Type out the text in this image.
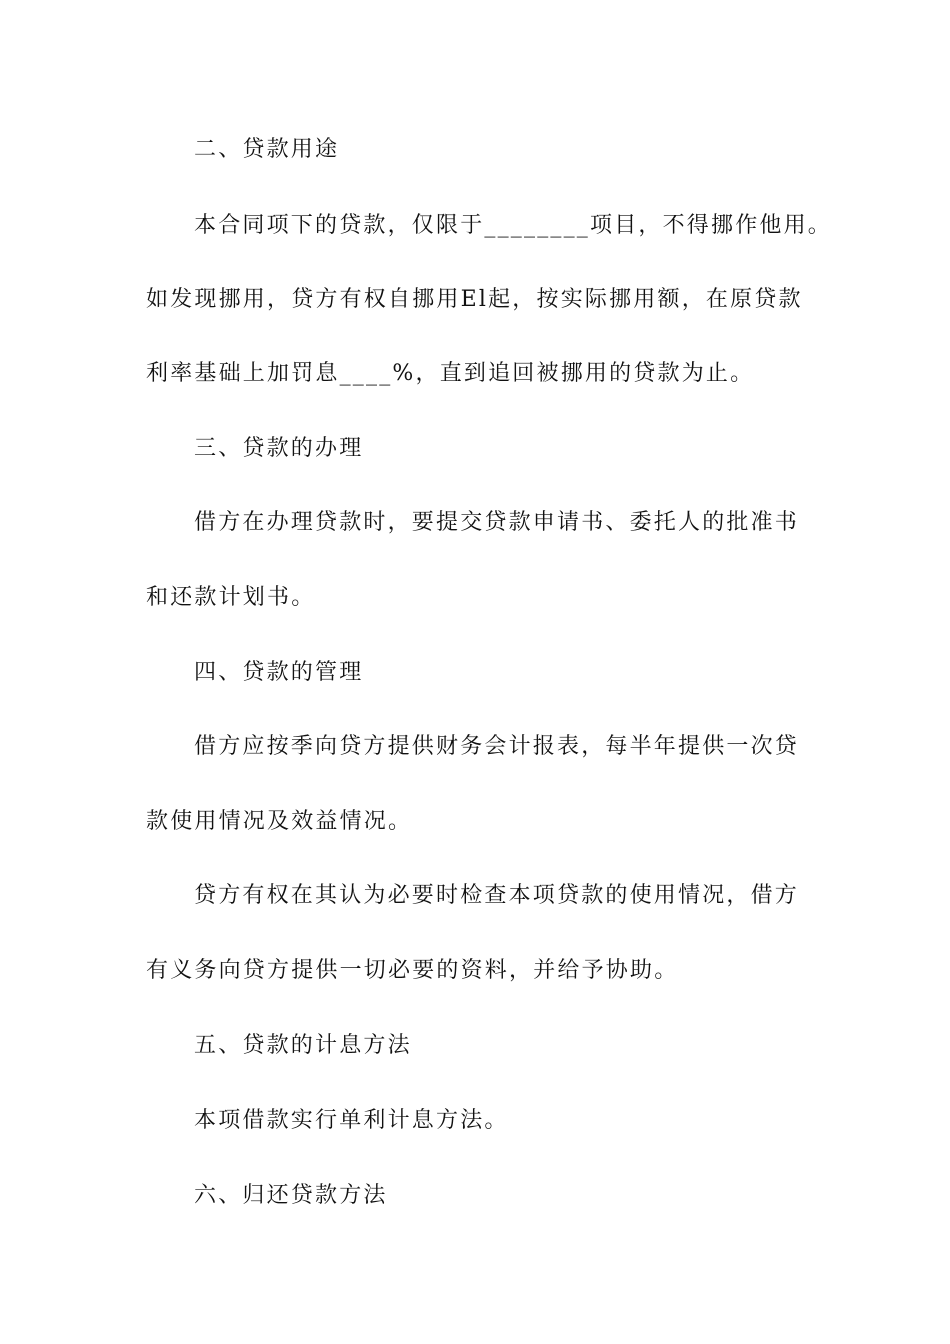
二、贷款用途
本合同项下的贷款，仅限于________项目，不得挪作他用。
如发现挪用，贷方有权自挪用El起，按实际挪用额，在原贷款
利率基础上加罚息____%，直到追回被挪用的贷款为止。
三、贷款的办理
借方在办理贷款时，要提交贷款申请书、委托人的批准书
和还款计划书。
四、贷款的管理
借方应按季向贷方提供财务会计报表，每半年提供一次贷
款使用情况及效益情况。
贷方有权在其认为必要时检查本项贷款的使用情况，借方
有义务向贷方提供一切必要的资料，并给予协助。
五、贷款的计息方法
本项借款实行单利计息方法。
六、归还贷款方法
